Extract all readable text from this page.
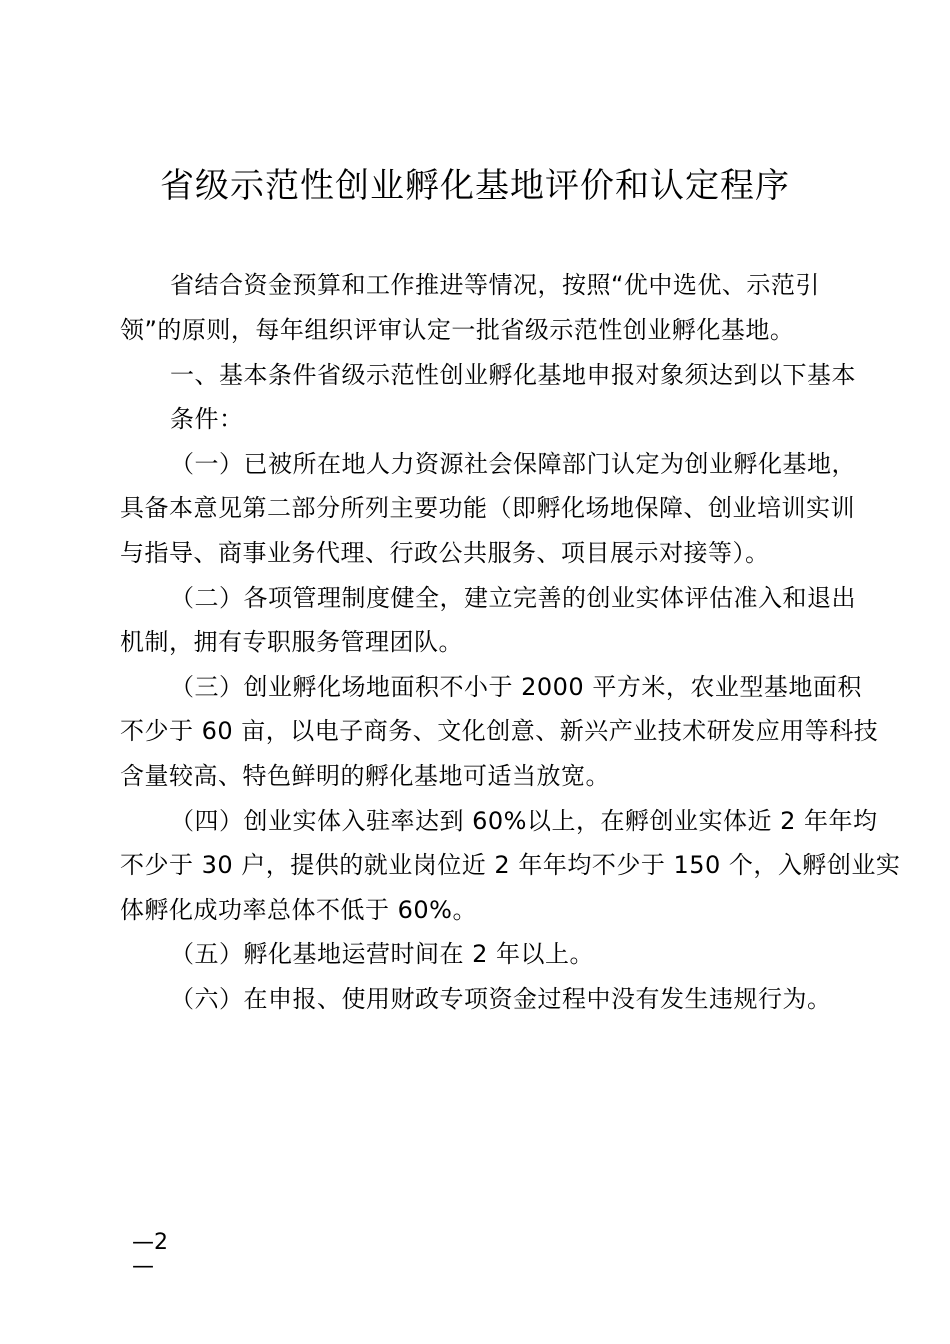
省级示范性创业孵化基地评价和认定程序
省结合资金预算和工作推进等情况，按照“优中选优、示范引
领”的原则，每年组织评审认定一批省级示范性创业孵化基地。
一、基本条件省级示范性创业孵化基地申报对象须达到以下基本
条件：
（一）已被所在地人力资源社会保障部门认定为创业孵化基地，
具备本意见第二部分所列主要功能（即孵化场地保障、创业培训实训
与指导、商事业务代理、行政公共服务、项目展示对接等）。
（二）各项管理制度健全，建立完善的创业实体评估准入和退出
机制，拥有专职服务管理团队。
（三）创业孵化场地面积不小于 2000 平方米，农业型基地面积
不少于 60 亩，以电子商务、文化创意、新兴产业技术研发应用等科技
含量较高、特色鲜明的孵化基地可适当放宽。
（四）创业实体入驻率达到 60%以上，在孵创业实体近 2 年年均
不少于 30 户，提供的就业岗位近 2 年年均不少于 150 个，入孵创业实
体孵化成功率总体不低于 60%。
（五）孵化基地运营时间在 2 年以上。
（六）在申报、使用财政专项资金过程中没有发生违规行为。
—2
—
